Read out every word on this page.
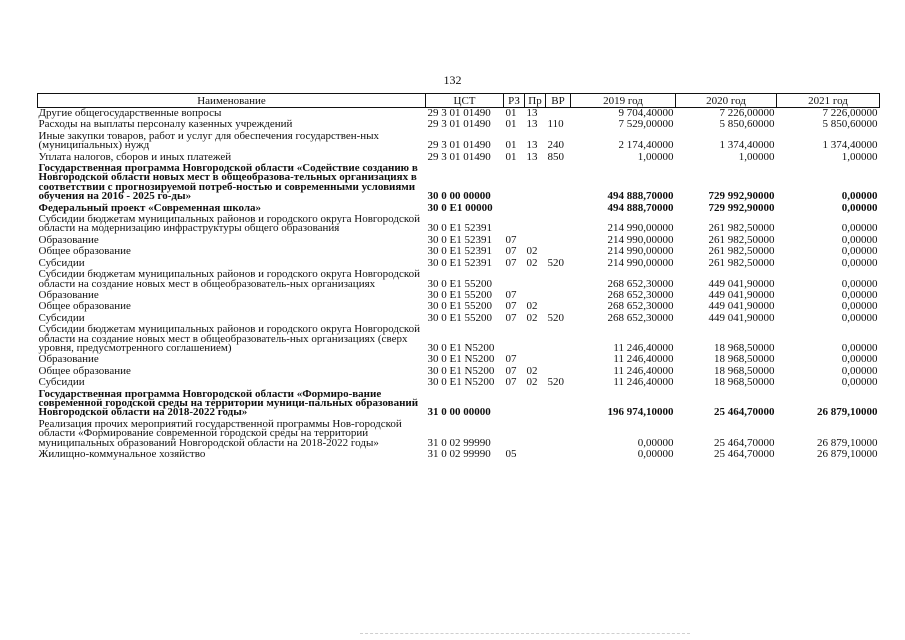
132
Наименование	ЦСТ	РЗ	Пр	ВР	2019 год	2020 год	2021 год
Другие общегосударственные вопросы	29 3 01 01490	01	13		9 704,40000	7 226,00000	7 226,00000
Расходы на выплаты персоналу казенных учреждений	29 3 01 01490	01	13	110	7 529,00000	5 850,60000	5 850,60000
Иные закупки товаров, работ и услуг для обеспечения государствен-ных (муниципальных) нужд	29 3 01 01490	01	13	240	2 174,40000	1 374,40000	1 374,40000
Уплата налогов, сборов и иных платежей	29 3 01 01490	01	13	850	1,00000	1,00000	1,00000
Государственная программа Новгородской области «Содействие созданию в Новгородской области новых мест в общеобразова-тельных организациях в соответствии с прогнозируемой потреб-ностью и современными условиями обучения на 2016 - 2025 го-ды»	30 0 00 00000				494 888,70000	729 992,90000	0,00000
Федеральный проект «Современная школа»	30 0 E1 00000				494 888,70000	729 992,90000	0,00000
Субсидии бюджетам муниципальных районов и городского округа Новгородской области на модернизацию инфраструктуры общего образования	30 0 E1 52391				214 990,00000	261 982,50000	0,00000
Образование	30 0 E1 52391	07			214 990,00000	261 982,50000	0,00000
Общее образование	30 0 E1 52391	07	02		214 990,00000	261 982,50000	0,00000
Субсидии	30 0 E1 52391	07	02	520	214 990,00000	261 982,50000	0,00000
Субсидии бюджетам муниципальных районов и городского округа Новгородской области на создание новых мест в общеобразователь-ных организациях	30 0 E1 55200				268 652,30000	449 041,90000	0,00000
Образование	30 0 E1 55200	07			268 652,30000	449 041,90000	0,00000
Общее образование	30 0 E1 55200	07	02		268 652,30000	449 041,90000	0,00000
Субсидии	30 0 E1 55200	07	02	520	268 652,30000	449 041,90000	0,00000
Субсидии бюджетам муниципальных районов и городского округа Новгородской области на создание новых мест в общеобразователь-ных организациях (сверх уровня, предусмотренного соглашением)	30 0 E1 N5200				11 246,40000	18 968,50000	0,00000
Образование	30 0 E1 N5200	07			11 246,40000	18 968,50000	0,00000
Общее образование	30 0 E1 N5200	07	02		11 246,40000	18 968,50000	0,00000
Субсидии	30 0 E1 N5200	07	02	520	11 246,40000	18 968,50000	0,00000
Государственная программа Новгородской области «Формиро-вание современной городской среды на территории муници-пальных образований Новгородской области на 2018-2022 годы»	31 0 00 00000				196 974,10000	25 464,70000	26 879,10000
Реализация прочих мероприятий государственной программы Нов-городской области «Формирование современной городской среды на территории муниципальных образований Новгородской области на 2018-2022 годы»	31 0 02 99990				0,00000	25 464,70000	26 879,10000
Жилищно-коммунальное хозяйство	31 0 02 99990	05			0,00000	25 464,70000	26 879,10000
